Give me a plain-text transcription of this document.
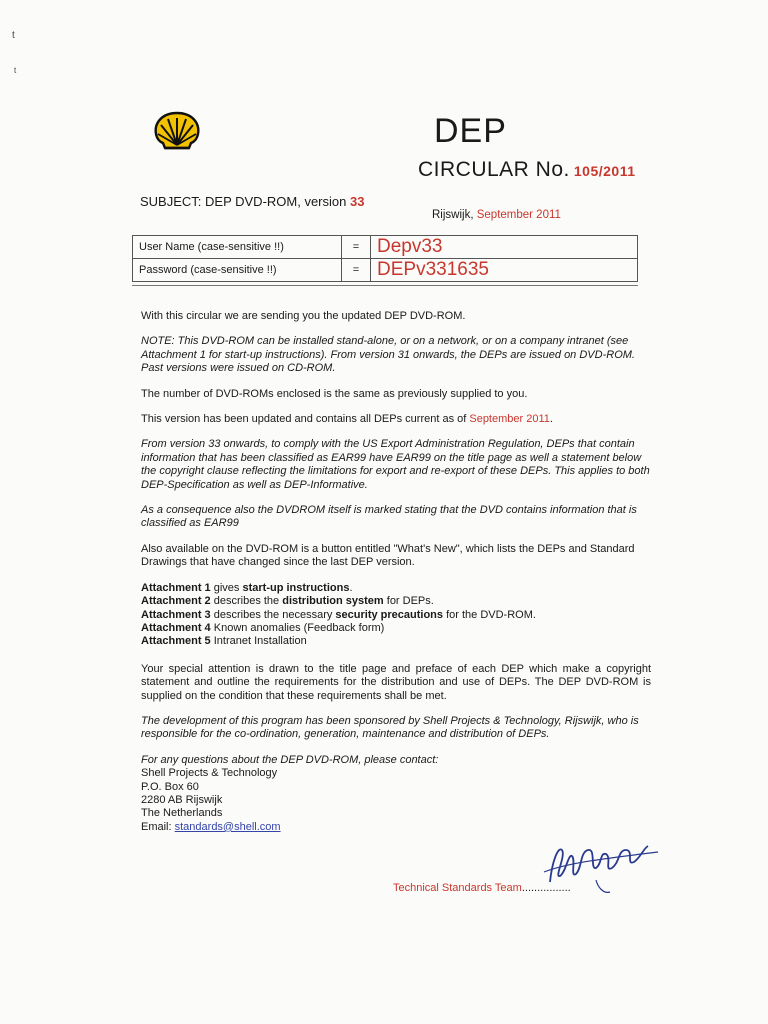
t
t
DEP
CIRCULAR No. 105/2011
SUBJECT: DEP DVD-ROM, version 33
Rijswijk, September 2011
User Name (case-sensitive !!)	=	Depv33
Password (case-sensitive !!)	=	DEPv331635

With this circular we are sending you the updated DEP DVD-ROM.

NOTE: This DVD-ROM can be installed stand-alone, or on a network, or on a company intranet (see Attachment 1 for start-up instructions). From version 31 onwards, the DEPs are issued on DVD-ROM. Past versions were issued on CD-ROM.

The number of DVD-ROMs enclosed is the same as previously supplied to you.

This version has been updated and contains all DEPs current as of September 2011.

From version 33 onwards, to comply with the US Export Administration Regulation, DEPs that contain information that has been classified as EAR99 have EAR99 on the title page as well a statement below the copyright clause reflecting the limitations for export and re-export of these DEPs. This applies to both DEP-Specification as well as DEP-Informative.

As a consequence also the DVDROM itself is marked stating that the DVD contains information that is classified as EAR99

Also available on the DVD-ROM is a button entitled "What's New", which lists the DEPs and Standard Drawings that have changed since the last DEP version.

Attachment 1 gives start-up instructions.
Attachment 2 describes the distribution system for DEPs.
Attachment 3 describes the necessary security precautions for the DVD-ROM.
Attachment 4 Known anomalies (Feedback form)
Attachment 5 Intranet Installation

Your special attention is drawn to the title page and preface of each DEP which make a copyright statement and outline the requirements for the distribution and use of DEPs. The DEP DVD-ROM is supplied on the condition that these requirements shall be met.

The development of this program has been sponsored by Shell Projects & Technology, Rijswijk, who is responsible for the co-ordination, generation, maintenance and distribution of DEPs.

For any questions about the DEP DVD-ROM, please contact:
Shell Projects & Technology
P.O. Box 60
2280 AB Rijswijk
The Netherlands
Email: standards@shell.com
Technical Standards Team................
